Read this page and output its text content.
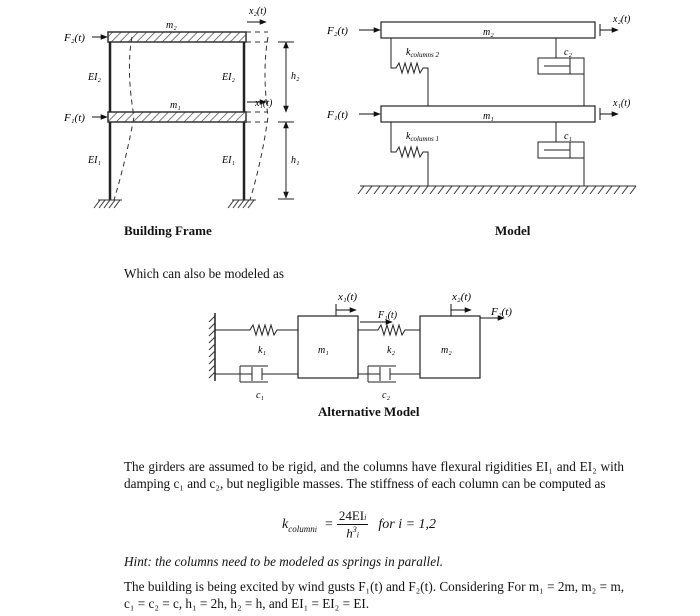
F₂(t)
F₁(t)
m₂
m₁
x₂(t)
x₁(t)
EI₂	EI₂
EI₁	EI₁
h₂
h₁
F₂(t)
F₁(t)
m₂
m₁
x₂(t)
x₁(t)
$k_{columns 2}$
$k_{columns 1}$
c₂
c₁
x₁(t)	x₂(t)
F₁(t)	F₂(t)
m₁	m₂
k₁	k₂
c₁	c₂
Building Frame	Model
Which can also be modeled as
Alternative Model
The girders are assumed to be rigid, and the columns have flexural rigidities EI₁ and EI₂ with damping c₁ and c₂, but negligible masses. The stiffness of each column can be computed as
k column i =
24EIi
$h^3i$
for i = 1,2
Hint: the columns need to be modeled as springs in parallel.
The building is being excited by wind gusts F₁(t) and F₂(t). Considering For m₁ = 2m, m₂ = m, c₁ = c₂ = c, h₁ = 2h, h₂ = h, and EI₁ = EI₂ = EI.
